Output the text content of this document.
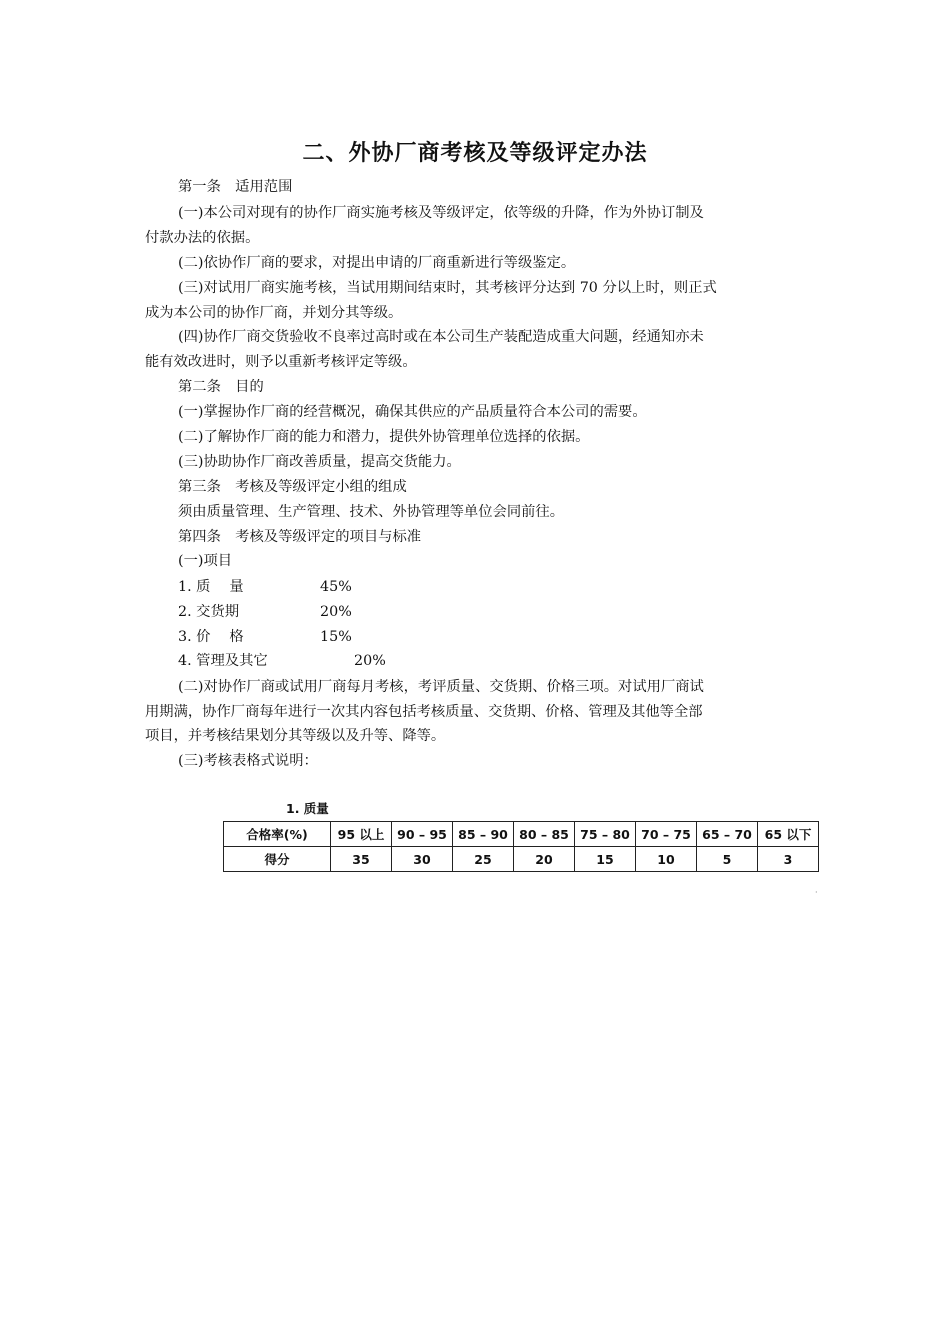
二、外协厂商考核及等级评定办法
第一条　适用范围
(一)本公司对现有的协作厂商实施考核及等级评定，依等级的升降，作为外协订制及
付款办法的依据。
(二)依协作厂商的要求，对提出申请的厂商重新进行等级鉴定。
(三)对试用厂商实施考核，当试用期间结束时，其考核评分达到 70 分以上时，则正式
成为本公司的协作厂商，并划分其等级。
(四)协作厂商交货验收不良率过高时或在本公司生产装配造成重大问题，经通知亦未
能有效改进时，则予以重新考核评定等级。
第二条　目的
(一)掌握协作厂商的经营概况，确保其供应的产品质量符合本公司的需要。
(二)了解协作厂商的能力和潜力，提供外协管理单位选择的依据。
(三)协助协作厂商改善质量，提高交货能力。
第三条　考核及等级评定小组的组成
须由质量管理、生产管理、技术、外协管理等单位会同前往。
第四条　考核及等级评定的项目与标准
(一)项目
1. 质　 量	45%
2. 交货期	20%
3. 价　 格	15%
4. 管理及其它	20%
(二)对协作厂商或试用厂商每月考核，考评质量、交货期、价格三项。对试用厂商试
用期满，协作厂商每年进行一次其内容包括考核质量、交货期、价格、管理及其他等全部
项目，并考核结果划分其等级以及升等、降等。
(三)考核表格式说明：
1. 质量
合格率(%)	95 以上	90 – 95	85 – 90	80 – 85	75 – 80	70 – 75	65 – 70	65 以下
得分	35	30	25	20	15	10	5	3
·
